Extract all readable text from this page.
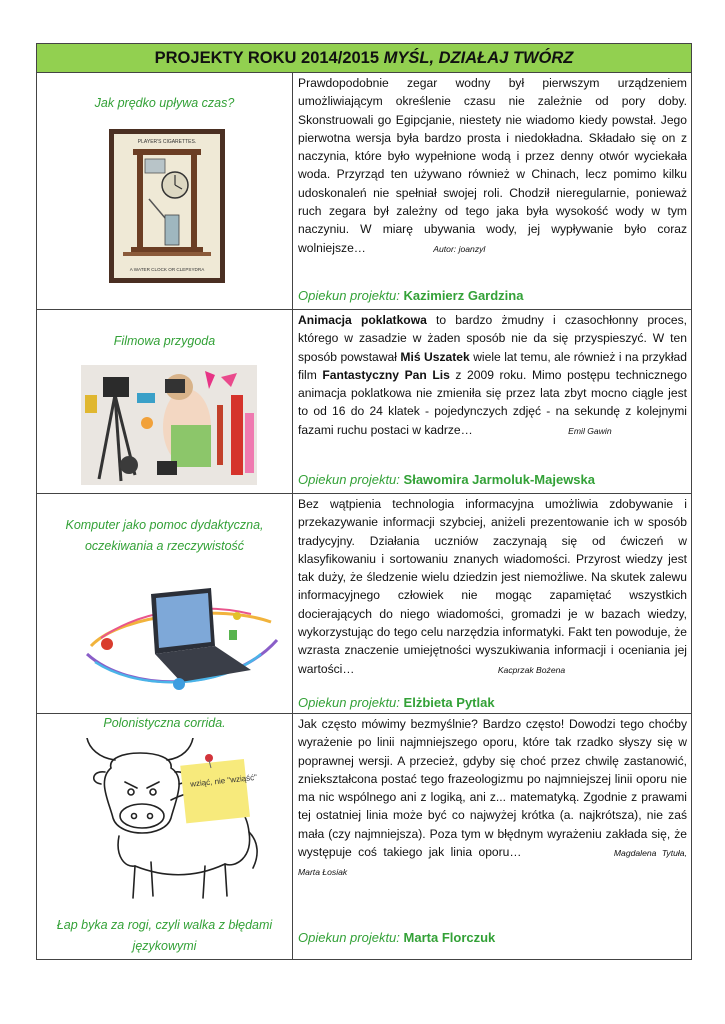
PROJEKTY ROKU 2014/2015 MYŚL, DZIAŁAJ TWÓRZ
Jak prędko upływa czas?
PLAYER'S CIGARETTES.
A WATER CLOCK OR CLEPSYDRA

Prawdopodobnie zegar wodny był pierwszym urządzeniem umożliwiającym określenie czasu nie zależnie od pory doby. Skonstruowali go Egipcjanie, niestety nie wiadomo kiedy powstał. Jego pierwotna wersja była bardzo prosta i niedokładna. Składało się on z naczynia, które było wypełnione wodą i przez denny otwór wyciekała woda. Przyrząd ten używano również w Chinach, lecz pomimo kilku udoskonaleń nie spełniał swojej roli. Chodził nieregularnie, ponieważ ruch zegara był zależny od tego jaka była wysokość wody w tym naczyniu. W miarę ubywania wody, jej wypływanie było coraz wolniejsze…	Autor: joanzyl

Opiekun projektu: Kazimierz Gardzina
Filmowa przygoda

Animacja poklatkowa to bardzo żmudny i czasochłonny proces, którego w zasadzie w żaden sposób nie da się przyspieszyć. W ten sposób powstawał Miś Uszatek wiele lat temu, ale również i na przykład film Fantastyczny Pan Lis z 2009 roku. Mimo postępu technicznego animacja poklatkowa nie zmieniła się przez lata zbyt mocno ciągle jest to od 16 do 24 klatek - pojedynczych zdjęć - na sekundę z kolejnymi fazami ruchu postaci w kadrze…	Emil Gawin

Opiekun projektu: Sławomira Jarmoluk-Majewska
Komputer jako pomoc dydaktyczna, oczekiwania a rzeczywistość

Bez wątpienia technologia informacyjna umożliwia zdobywanie i przekazywanie informacji szybciej, aniżeli prezentowanie ich w sposób tradycyjny. Działania uczniów zaczynają się od ćwiczeń w klasyfikowaniu i sortowaniu znanych wiadomości. Przyrost wiedzy jest tak duży, że śledzenie wielu dziedzin jest niemożliwe. Na skutek zalewu informacyjnego człowiek nie mogąc zapamiętać wszystkich docierających do niego wiadomości, gromadzi je w bazach wiedzy, wykorzystując do tego celu narzędzia informatyki. Fakt ten powoduje, że wzrasta znaczenie umiejętności wyszukiwania informacji i oceniania jej wartości…	Kacprzak Bożena

Opiekun projektu: Elżbieta Pytlak
Polonistyczna corrida.
wziąć, nie "wziąść"
Łap byka za rogi, czyli walka z błędami językowymi

Jak często mówimy bezmyślnie? Bardzo często! Dowodzi tego choćby wyrażenie po linii najmniejszego oporu, które tak rzadko słyszy się w poprawnej wersji. A przecież, gdyby się choć przez chwilę zastanowić, zniekształcona postać tego frazeologizmu po najmniejszej linii oporu nie ma nic wspólnego ani z logiką, ani z... matematyką. Zgodnie z prawami tej ostatniej linia może być co najwyżej krótka (a. najkrótsza), nie zaś mała (czy najmniejsza). Poza tym w błędnym wyrażeniu zakłada się, że występuje coś takiego jak linia oporu…	Magdalena Tytuła, Marta Łosiak

Opiekun projektu: Marta Florczuk
